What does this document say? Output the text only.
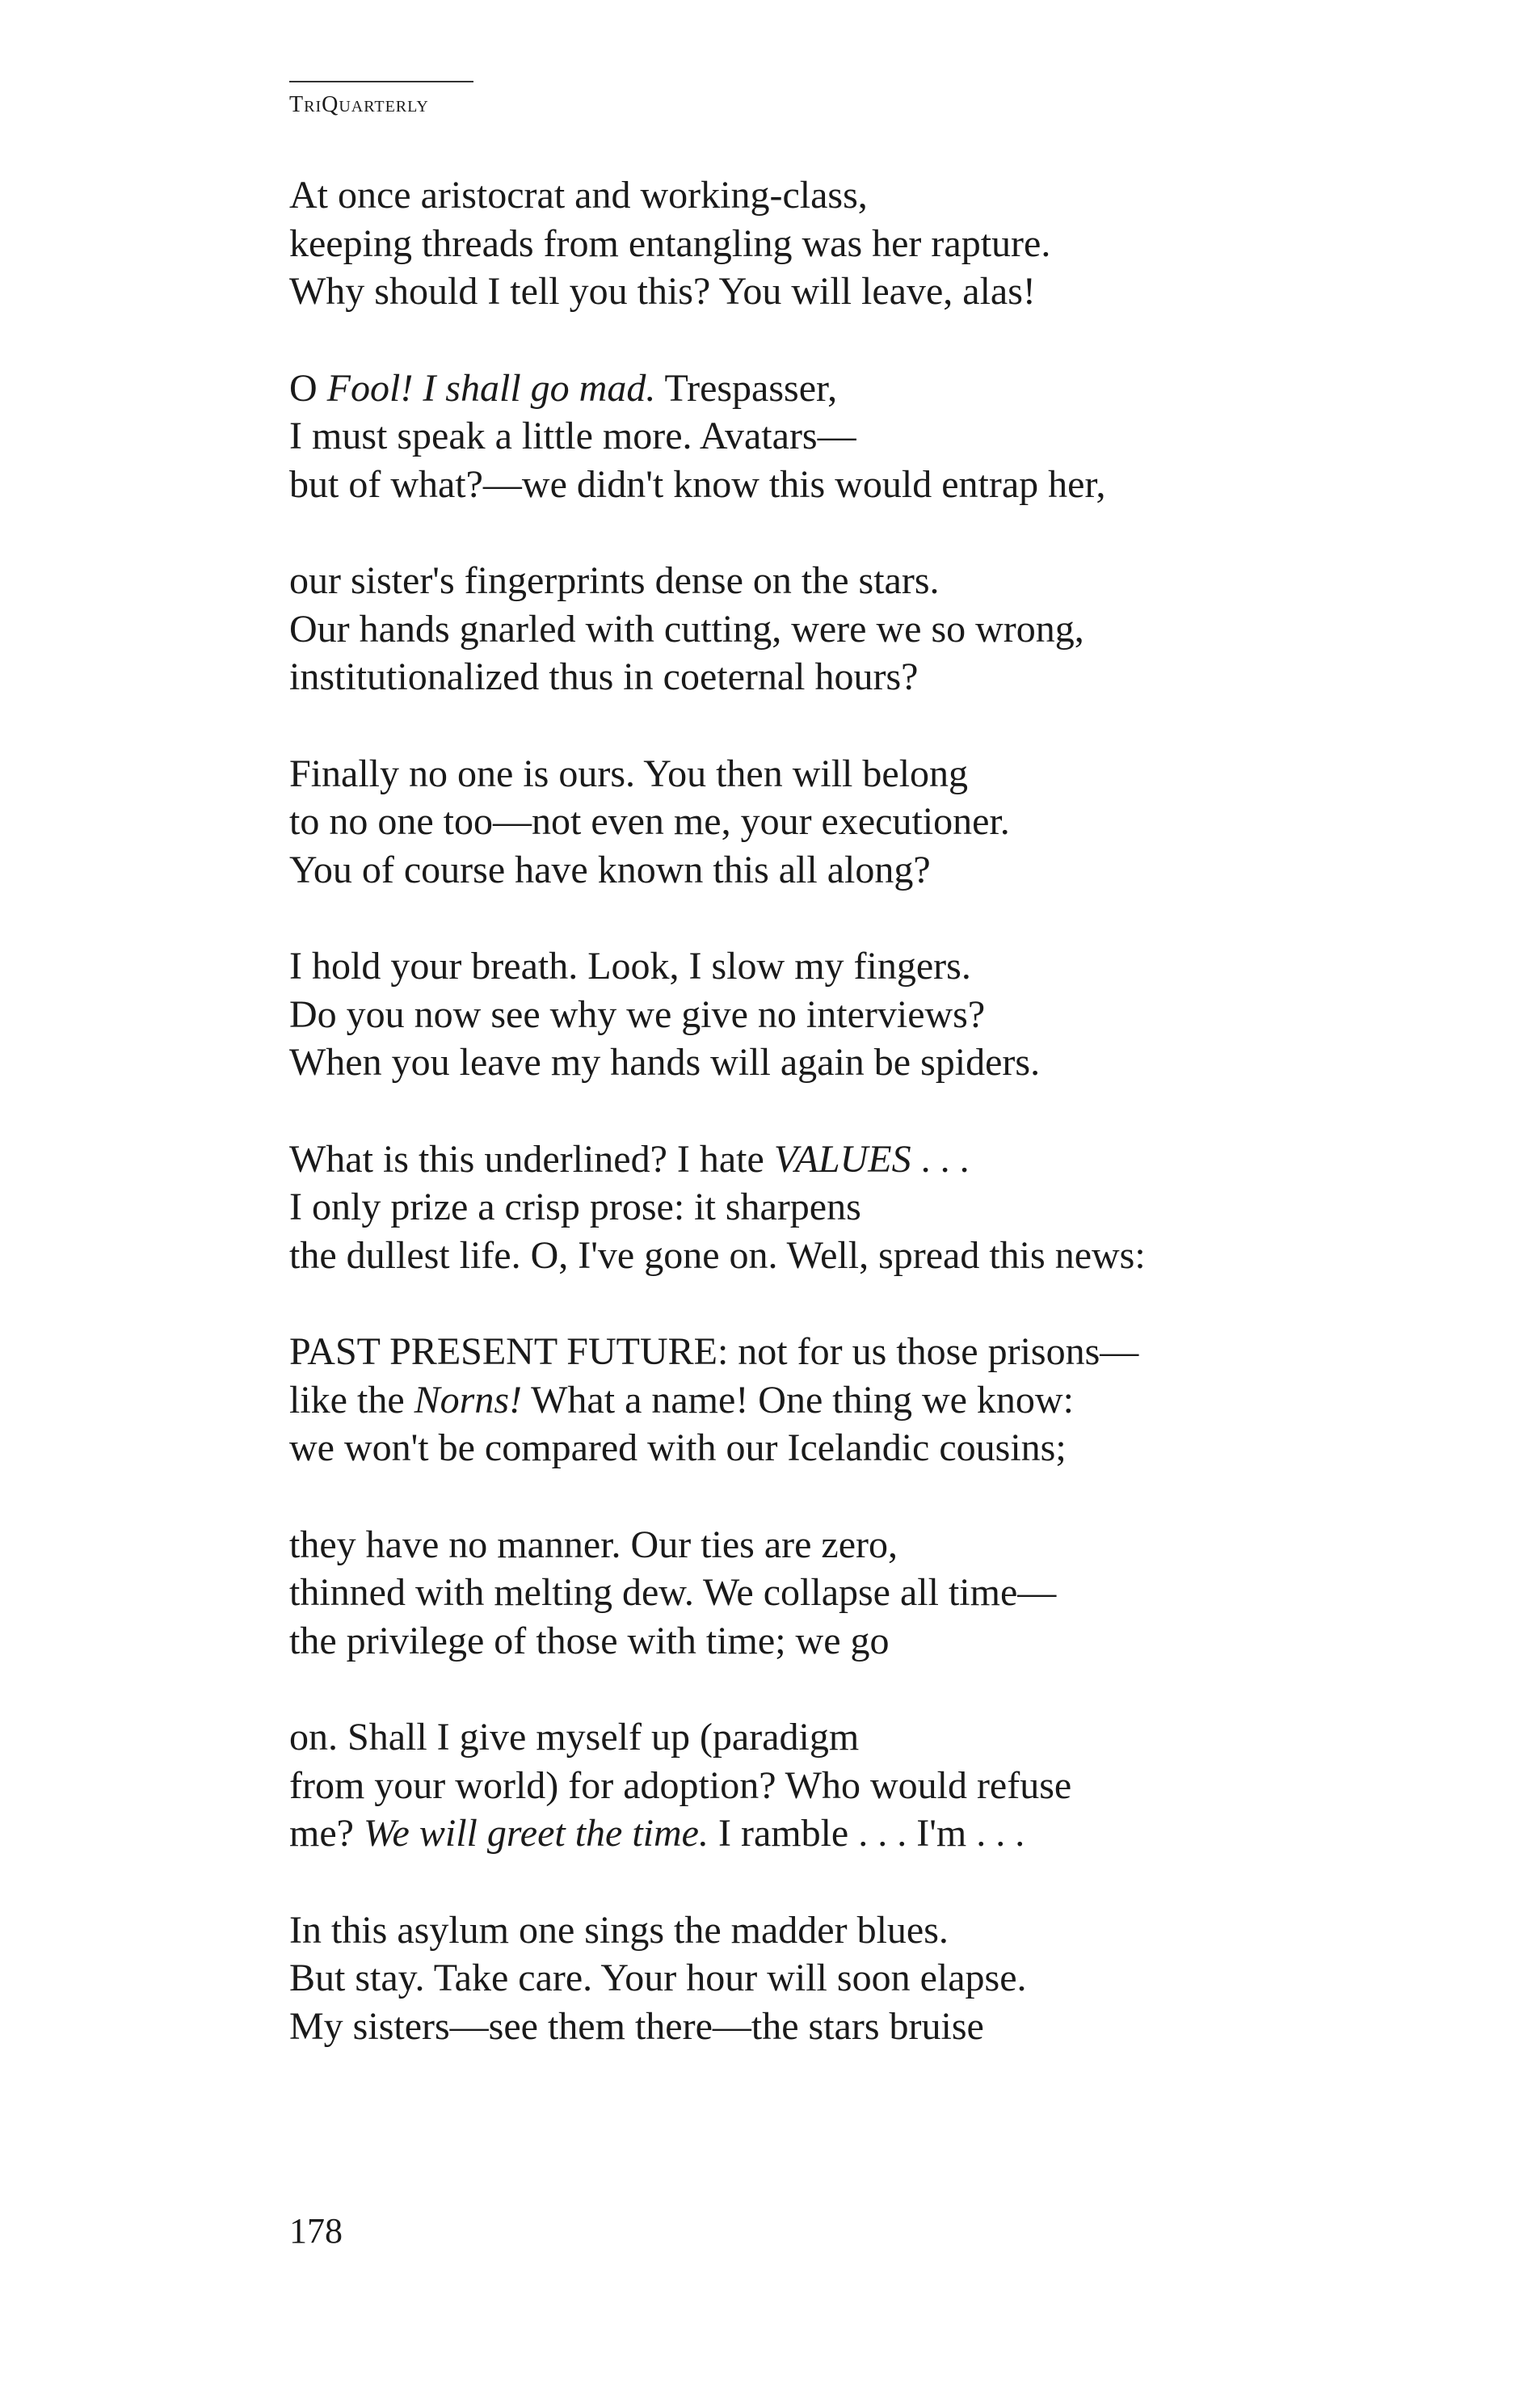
TriQuarterly
At once aristocrat and working-class,
keeping threads from entangling was her rapture.
Why should I tell you this? You will leave, alas!
O Fool! I shall go mad. Trespasser,
I must speak a little more. Avatars—
but of what?—we didn't know this would entrap her,
our sister's fingerprints dense on the stars.
Our hands gnarled with cutting, were we so wrong,
institutionalized thus in coeternal hours?
Finally no one is ours. You then will belong
to no one too—not even me, your executioner.
You of course have known this all along?
I hold your breath. Look, I slow my fingers.
Do you now see why we give no interviews?
When you leave my hands will again be spiders.
What is this underlined? I hate VALUES . . .
I only prize a crisp prose: it sharpens
the dullest life. O, I've gone on. Well, spread this news:
PAST PRESENT FUTURE: not for us those prisons—
like the Norns! What a name! One thing we know:
we won't be compared with our Icelandic cousins;
they have no manner. Our ties are zero,
thinned with melting dew. We collapse all time—
the privilege of those with time; we go
on. Shall I give myself up (paradigm
from your world) for adoption? Who would refuse
me? We will greet the time. I ramble . . . I'm . . .
In this asylum one sings the madder blues.
But stay. Take care. Your hour will soon elapse.
My sisters—see them there—the stars bruise
178
